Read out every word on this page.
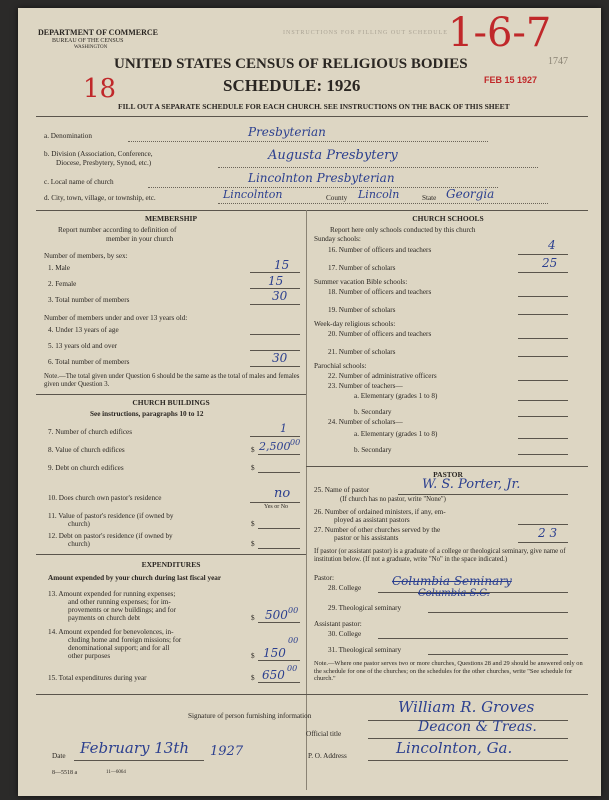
INSTRUCTIONS FOR FILLING OUT SCHEDULE
DEPARTMENT OF COMMERCE
BUREAU OF THE CENSUS
WASHINGTON
UNITED STATES CENSUS OF RELIGIOUS BODIES
SCHEDULE: 1926
FILL OUT A SEPARATE SCHEDULE FOR EACH CHURCH. SEE INSTRUCTIONS ON THE BACK OF THIS SHEET
1-6-7
18
1747
FEB 15 1927
a. Denomination	Presbyterian
b. Division (Association, Conference,
Diocese, Presbytery, Synod, etc.)	Augusta Presbytery
c. Local name of church	Lincolnton Presbyterian
d. City, town, village, or township, etc.	Lincolnton	County Lincoln	State Georgia
MEMBERSHIP
Report number according to definition of
member in your church
Number of members, by sex:
1. Male	15
2. Female	15
3. Total number of members	30
Number of members under and over 13 years old:
4. Under 13 years of age
5. 13 years old and over
6. Total number of members	30
Note.—The total given under Question 6 should be the same as the total of males and females given under Question 3.
CHURCH BUILDINGS
See instructions, paragraphs 10 to 12
7. Number of church edifices	1
8. Value of church edifices	$ 2,500 00
9. Debt on church edifices	$
10. Does church own pastor's residence	no
Yes or No
11. Value of pastor's residence (if owned by
church)	$
12. Debt on pastor's residence (if owned by
church)	$
EXPENDITURES
Amount expended by your church during last fiscal year
13. Amount expended for running expenses;
and other running expenses; for im-
provements or new buildings; and for
payments on church debt	$ 500 00
14. Amount expended for benevolences, in-
cluding home and foreign missions; for
denominational support; and for all
other purposes	$ 150
00
15. Total expenditures during year	$ 650 00
CHURCH SCHOOLS
Report here only schools conducted by this church
Sunday schools:
16. Number of officers and teachers	4
17. Number of scholars	25
Summer vacation Bible schools:
18. Number of officers and teachers
19. Number of scholars
Week-day religious schools:
20. Number of officers and teachers
21. Number of scholars
Parochial schools:
22. Number of administrative officers
23. Number of teachers—
a. Elementary (grades 1 to 8)
b. Secondary
24. Number of scholars—
a. Elementary (grades 1 to 8)
b. Secondary
PASTOR
25. Name of pastor	W. S. Porter, Jr.
(If church has no pastor, write "None")
26. Number of ordained ministers, if any, em-
ployed as assistant pastors
27. Number of other churches served by the
pastor or his assistants	2 3
If pastor (or assistant pastor) is a graduate of a college or theological seminary, give name of institution below. (If not a graduate, write "No" in the space indicated.)
Pastor:
28. College	Columbia Seminary
Columbia S.C.
29. Theological seminary
Assistant pastor:
30. College
31. Theological seminary
Note.—Where one pastor serves two or more churches, Questions 28 and 29 should be answered only on the schedule for one of the churches; on the schedules for the other churches, write "See schedule for church."
Signature of person furnishing information	William R. Groves
Official title	Deacon & Treas.
Date February 13th 1927	P. O. Address	Lincolnton, Ga.
8—5518 a	11—6064
